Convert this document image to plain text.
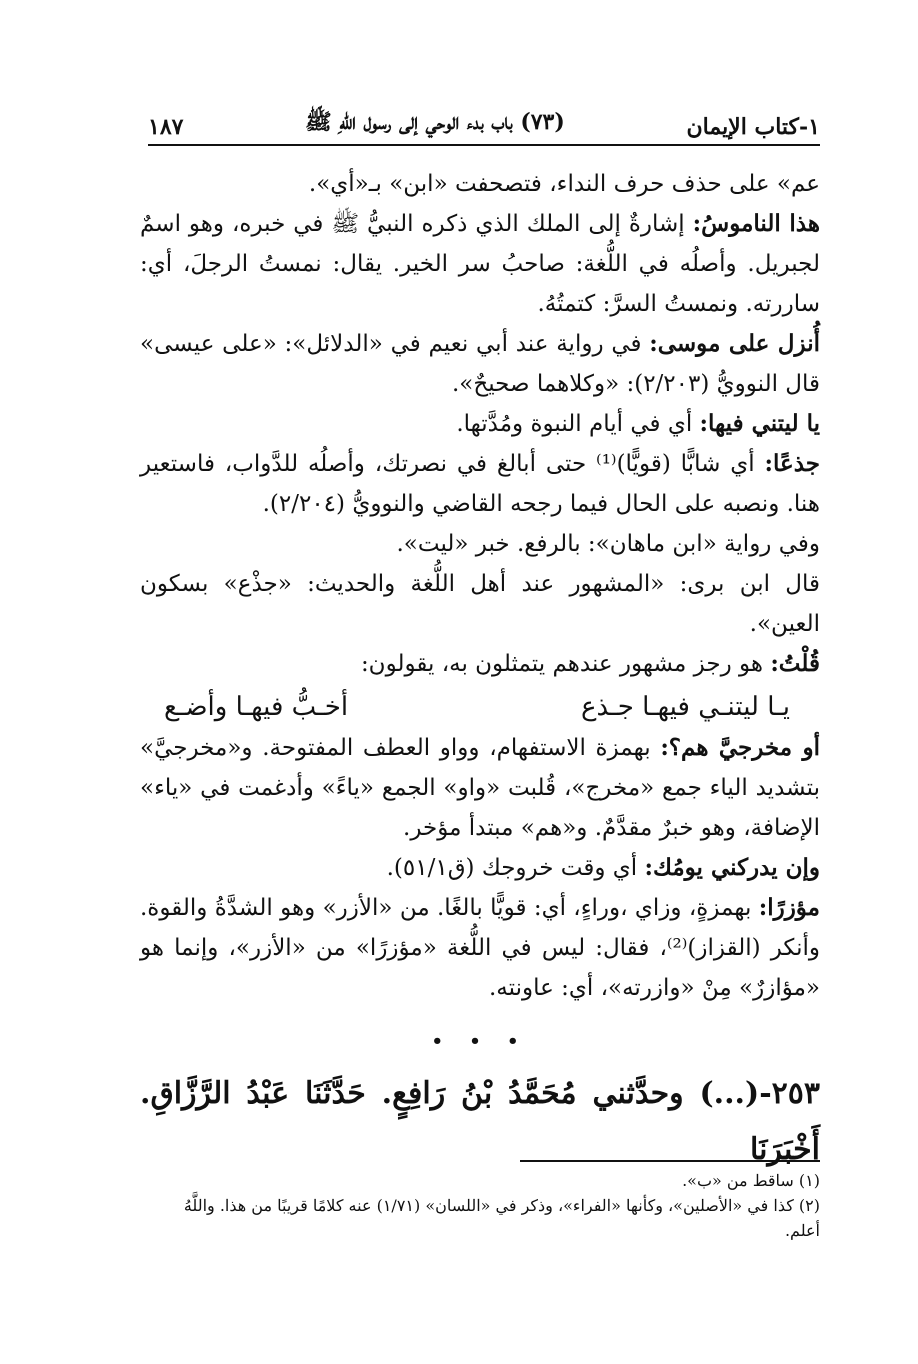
١-كتاب الإيمان
(٧٣) باب بدء الوحي إلى رسول اللهِ ﷺ
١٨٧

عم» على حذف حرف النداء، فتصحفت «ابن» بـ«أي».

هذا الناموسُ: إشارةٌ إلى الملك الذي ذكره النبيُّ ﷺ في خبره، وهو اسمٌ لجبريل. وأصلُه في اللُّغة: صاحبُ سر الخير. يقال: نمستُ الرجلَ، أي: ساررته. ونمستُ السرَّ: كتمتُهُ.

أُنزل على موسى: في رواية عند أبي نعيم في «الدلائل»: «على عيسى» قال النوويُّ (٢/٢٠٣): «وكلاهما صحيحٌ».

يا ليتني فيها: أي في أيام النبوة ومُدَّتها.

جذعًا: أي شابًّا (قويًّا)⁽¹⁾ حتى أبالغ في نصرتك، وأصلُه للدَّواب، فاستعير هنا. ونصبه على الحال فيما رجحه القاضي والنوويُّ (٢/٢٠٤).

وفي رواية «ابن ماهان»: بالرفع. خبر «ليت».

قال ابن برى: «المشهور عند أهل اللُّغة والحديث: «جذْع» بسكون العين».

قُلْتُ: هو رجز مشهور عندهم يتمثلون به، يقولون:

يـا ليتنـي فيهـا جـذع
أخـبُّ فيهـا وأضـع

أو مخرجيَّ هم؟: بهمزة الاستفهام، وواو العطف المفتوحة. و«مخرجيَّ» بتشديد الياء جمع «مخرج»، قُلبت «واو» الجمع «ياءً» وأدغمت في «ياء» الإضافة، وهو خبرٌ مقدَّمٌ. و«هم» مبتدأ مؤخر.

وإن يدركني يومُك: أي وقت خروجك (ق٥١/١).

مؤزرًا: بهمزةٍ، وزاي ،وراءٍ، أي: قويًّا بالغًا. من «الأزر» وهو الشدَّةُ والقوة. وأنكر (القزاز)⁽²⁾، فقال: ليس في اللُّغة «مؤزرًا» من «الأزر»، وإنما هو «مؤازرٌ» مِنْ «وازرته»، أي: عاونته.

• • •
٢٥٣-(...) وحدَّثني مُحَمَّدُ بْنُ رَافِعٍ. حَدَّثَنَا عَبْدُ الرَّزَّاقِ. أَخْبَرَنَا

(١) ساقط من «ب».

(٢) كذا في «الأصلين»، وكأنها «الفراء»، وذكر في «اللسان» (١/٧١) عنه كلامًا قريبًا من هذا. واللَّهُ أعلم.
